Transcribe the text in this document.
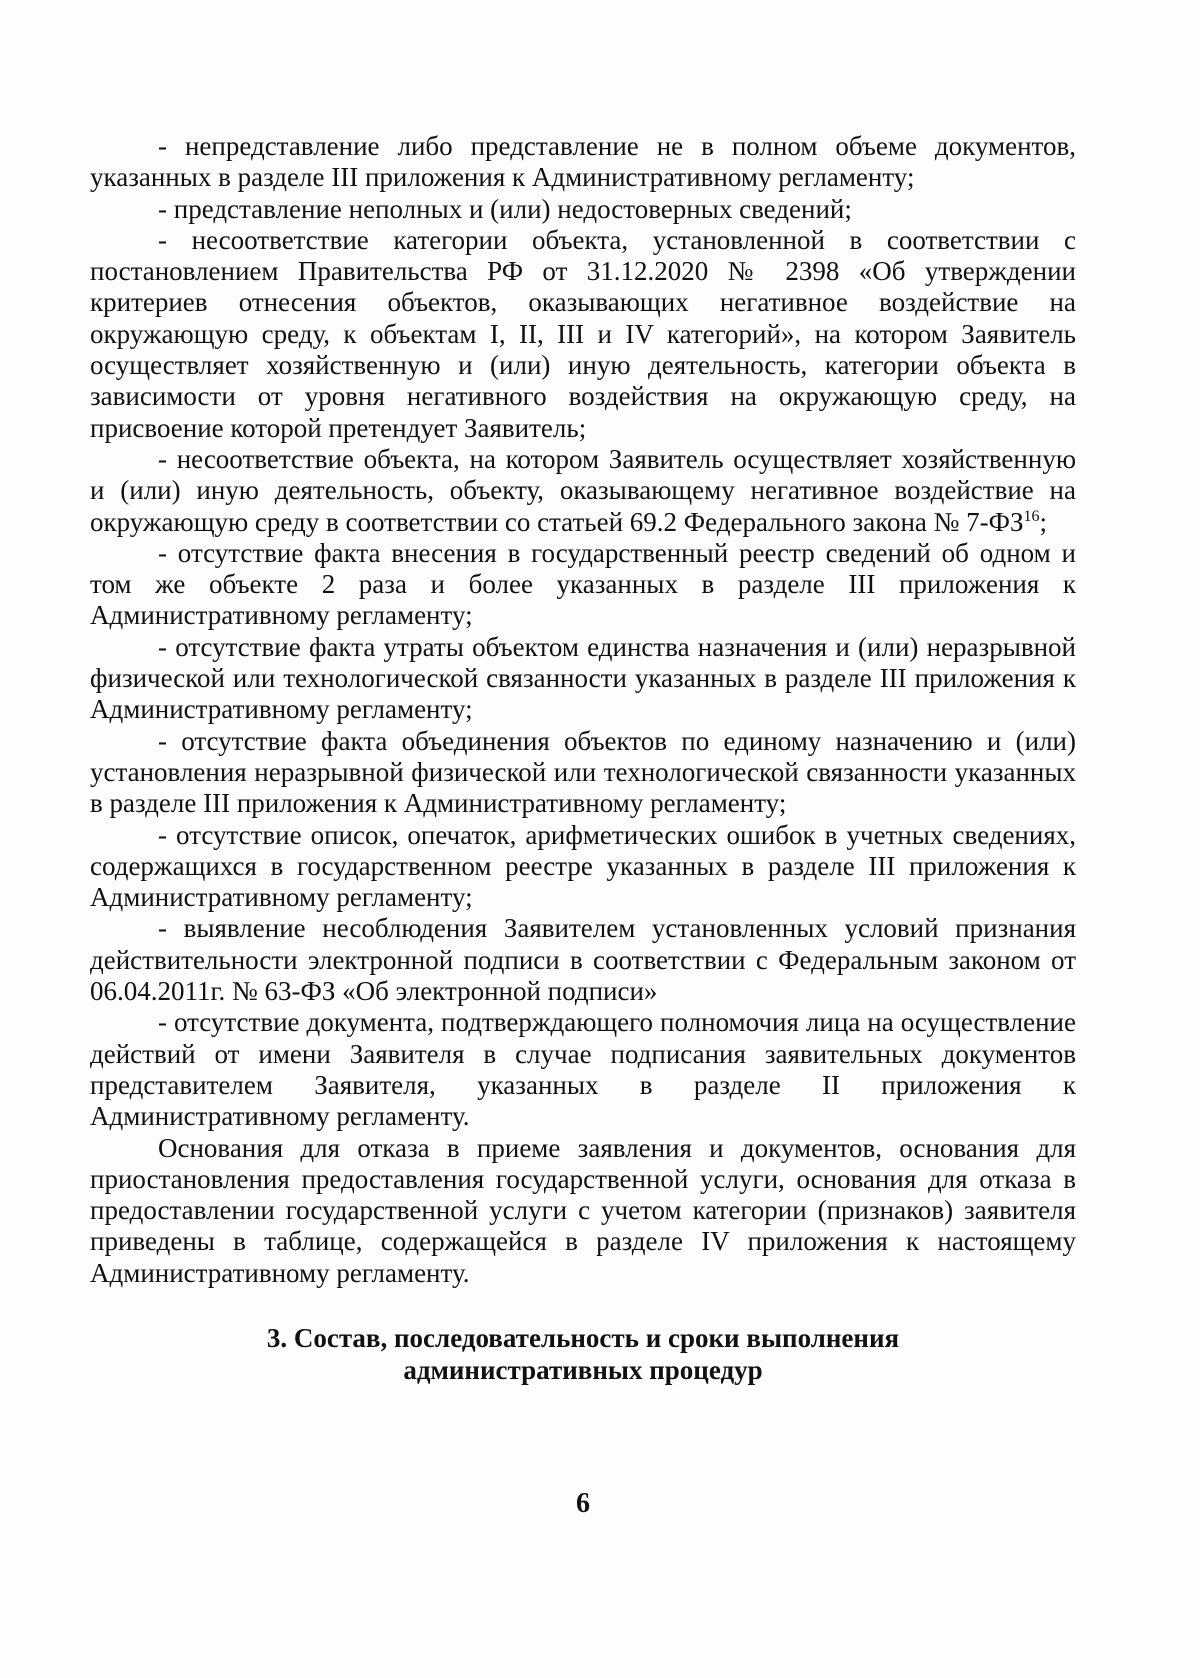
- непредставление либо представление не в полном объеме документов, указанных в разделе III приложения к Административному регламенту;

- представление неполных и (или) недостоверных сведений;

- несоответствие категории объекта, установленной в соответствии с постановлением Правительства РФ от 31.12.2020 № 2398 «Об утверждении критериев отнесения объектов, оказывающих негативное воздействие на окружающую среду, к объектам I, II, III и IV категорий», на котором Заявитель осуществляет хозяйственную и (или) иную деятельность, категории объекта в зависимости от уровня негативного воздействия на окружающую среду, на присвоение которой претендует Заявитель;

- несоответствие объекта, на котором Заявитель осуществляет хозяйственную и (или) иную деятельность, объекту, оказывающему негативное воздействие на окружающую среду в соответствии со статьей 69.2 Федерального закона № 7-ФЗ$^{16}$;

- отсутствие факта внесения в государственный реестр сведений об одном и том же объекте 2 раза и более указанных в разделе III приложения к Административному регламенту;

- отсутствие факта утраты объектом единства назначения и (или) неразрывной физической или технологической связанности указанных в разделе III приложения к Административному регламенту;

- отсутствие факта объединения объектов по единому назначению и (или) установления неразрывной физической или технологической связанности указанных в разделе III приложения к Административному регламенту;

- отсутствие описок, опечаток, арифметических ошибок в учетных сведениях, содержащихся в государственном реестре указанных в разделе III приложения к Административному регламенту;

- выявление несоблюдения Заявителем установленных условий признания действительности электронной подписи в соответствии с Федеральным законом от 06.04.2011г. № 63-ФЗ «Об электронной подписи»

- отсутствие документа, подтверждающего полномочия лица на осуществление действий от имени Заявителя в случае подписания заявительных документов представителем Заявителя, указанных в разделе II приложения к Административному регламенту.

Основания для отказа в приеме заявления и документов, основания для приостановления предоставления государственной услуги, основания для отказа в предоставлении государственной услуги с учетом категории (признаков) заявителя приведены в таблице, содержащейся в разделе IV приложения к настоящему Административному регламенту.

3. Состав, последовательность и сроки выполнения
административных процедур
6
